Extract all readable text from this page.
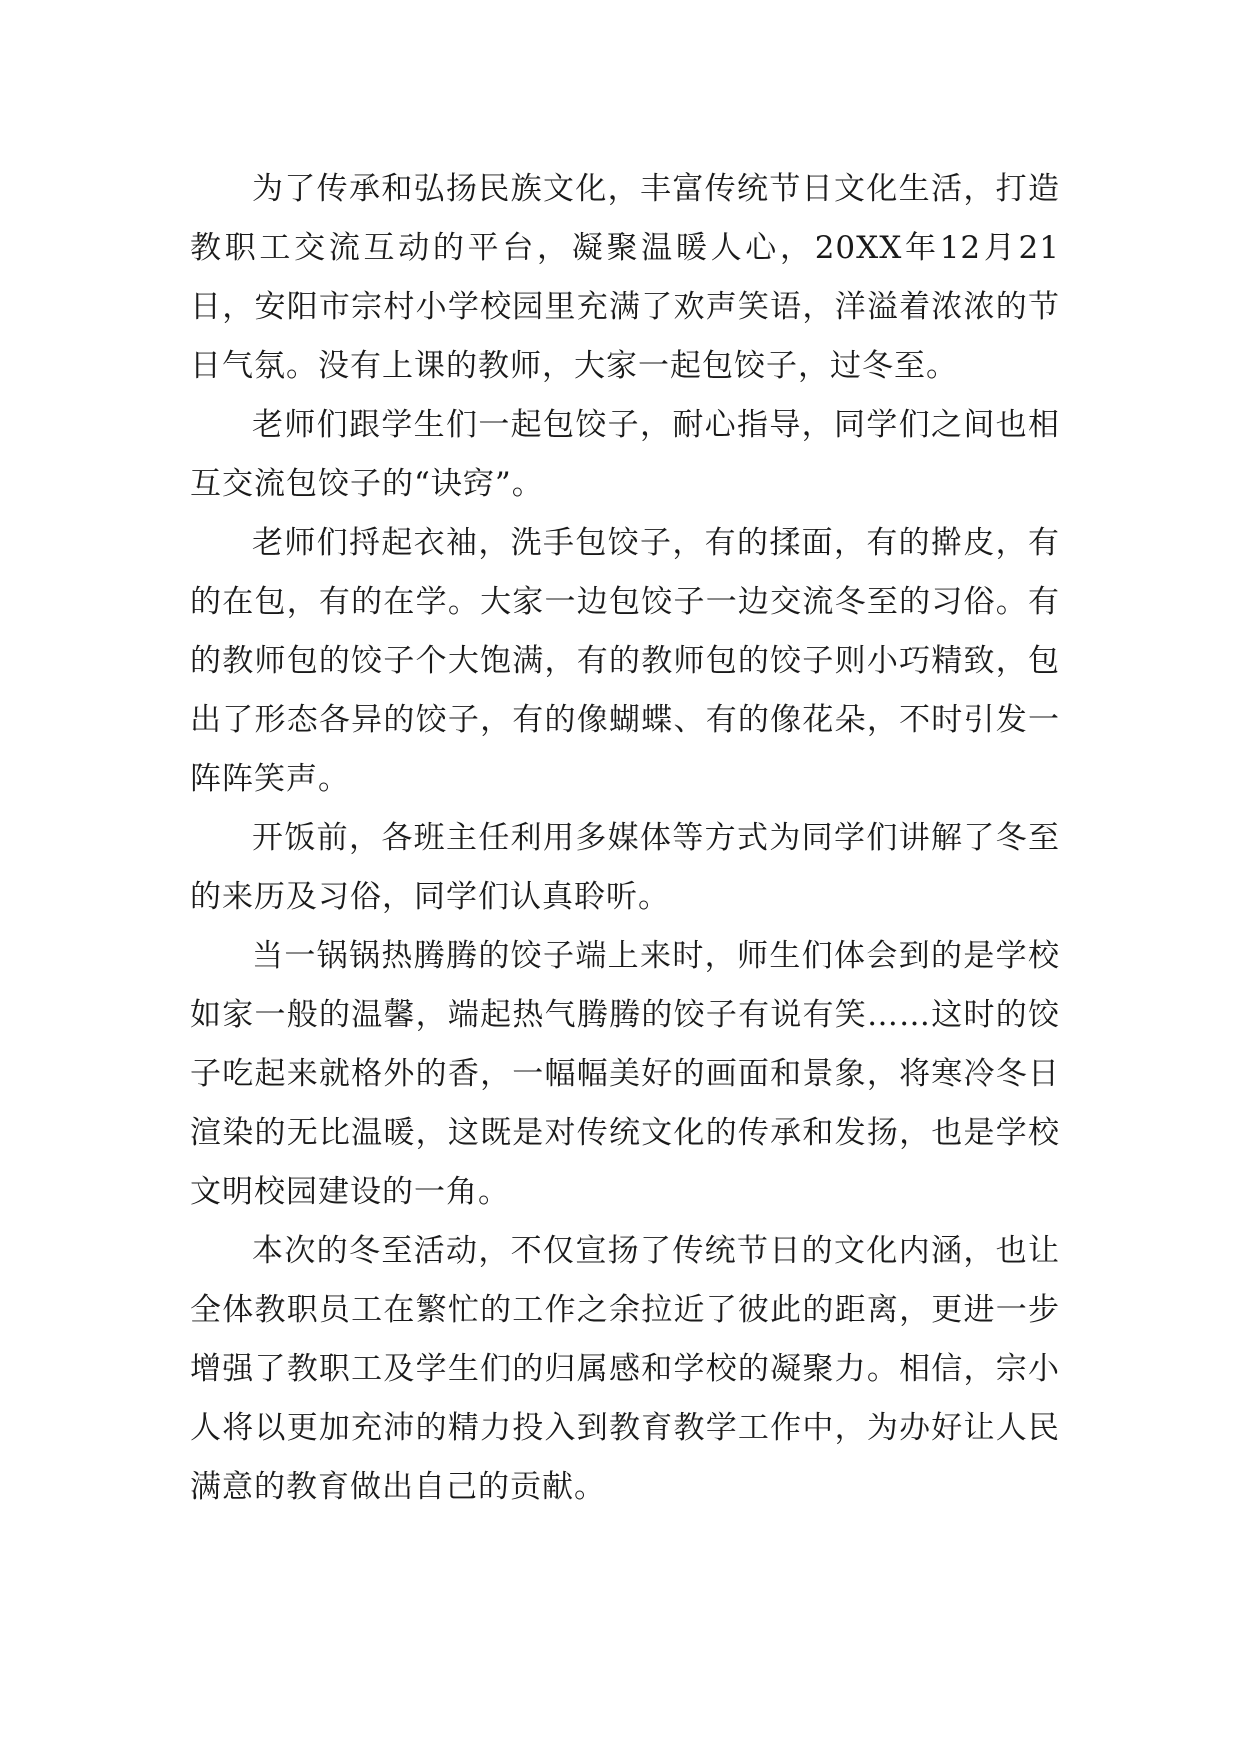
为了传承和弘扬民族文化，丰富传统节日文化生活，打造教职工交流互动的平台，凝聚温暖人心，20XX年12月21日，安阳市宗村小学校园里充满了欢声笑语，洋溢着浓浓的节日气氛。没有上课的教师，大家一起包饺子，过冬至。

老师们跟学生们一起包饺子，耐心指导，同学们之间也相互交流包饺子的“诀窍”。

老师们捋起衣袖，洗手包饺子，有的揉面，有的擀皮，有的在包，有的在学。大家一边包饺子一边交流冬至的习俗。有的教师包的饺子个大饱满，有的教师包的饺子则小巧精致，包出了形态各异的饺子，有的像蝴蝶、有的像花朵，不时引发一阵阵笑声。

开饭前，各班主任利用多媒体等方式为同学们讲解了冬至的来历及习俗，同学们认真聆听。

当一锅锅热腾腾的饺子端上来时，师生们体会到的是学校如家一般的温馨，端起热气腾腾的饺子有说有笑……这时的饺子吃起来就格外的香，一幅幅美好的画面和景象，将寒冷冬日渲染的无比温暖，这既是对传统文化的传承和发扬，也是学校文明校园建设的一角。

本次的冬至活动，不仅宣扬了传统节日的文化内涵，也让全体教职员工在繁忙的工作之余拉近了彼此的距离，更进一步增强了教职工及学生们的归属感和学校的凝聚力。相信，宗小人将以更加充沛的精力投入到教育教学工作中，为办好让人民满意的教育做出自己的贡献。
